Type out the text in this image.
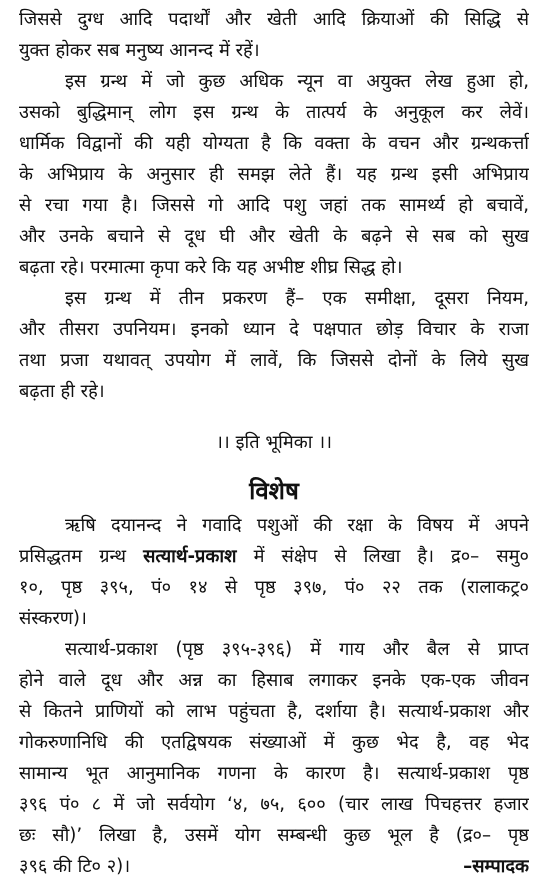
जिससे दुग्ध आदि पदार्थों और खेती आदि क्रियाओं की सिद्धि से
युक्त होकर सब मनुष्य आनन्द में रहें।
इस ग्रन्थ में जो कुछ अधिक न्यून वा अयुक्त लेख हुआ हो,
उसको बुद्धिमान् लोग इस ग्रन्थ के तात्पर्य के अनुकूल कर लेवें।
धार्मिक विद्वानों की यही योग्यता है कि वक्ता के वचन और ग्रन्थकर्त्ता
के अभिप्राय के अनुसार ही समझ लेते हैं। यह ग्रन्थ इसी अभिप्राय
से रचा गया है। जिससे गो आदि पशु जहां तक सामर्थ्य हो बचावें,
और उनके बचाने से दूध घी और खेती के बढ़ने से सब को सुख
बढ़ता रहे। परमात्मा कृपा करे कि यह अभीष्ट शीघ्र सिद्ध हो।
इस ग्रन्थ में तीन प्रकरण हैं– एक समीक्षा, दूसरा नियम,
और तीसरा उपनियम। इनको ध्यान दे पक्षपात छोड़ विचार के राजा
तथा प्रजा यथावत् उपयोग में लावें, कि जिससे दोनों के लिये सुख
बढ़ता ही रहे।
।। इति भूमिका ।।
विशेष
ऋषि दयानन्द ने गवादि पशुओं की रक्षा के विषय में अपने
प्रसिद्धतम ग्रन्थ सत्यार्थ-प्रकाश में संक्षेप से लिखा है। द्र०– समु०
१०, पृष्ठ ३९५, पं० १४ से पृष्ठ ३९७, पं० २२ तक (रालाकट्र०
संस्करण)।
सत्यार्थ-प्रकाश (पृष्ठ ३९५-३९६) में गाय और बैल से प्राप्त
होने वाले दूध और अन्न का हिसाब लगाकर इनके एक-एक जीवन
से कितने प्राणियों को लाभ पहुंचता है, दर्शाया है। सत्यार्थ-प्रकाश और
गोकरुणानिधि की एतद्विषयक संख्याओं में कुछ भेद है, वह भेद
सामान्य भूत आनुमानिक गणना के कारण है। सत्यार्थ-प्रकाश पृष्ठ
३९६ पं० ८ में जो सर्वयोग ‘४, ७५, ६०० (चार लाख पिचहत्तर हजार
छः सौ)’ लिखा है, उसमें योग सम्बन्धी कुछ भूल है (द्र०– पृष्ठ
३९६ की टि० २)।	–सम्पादक
